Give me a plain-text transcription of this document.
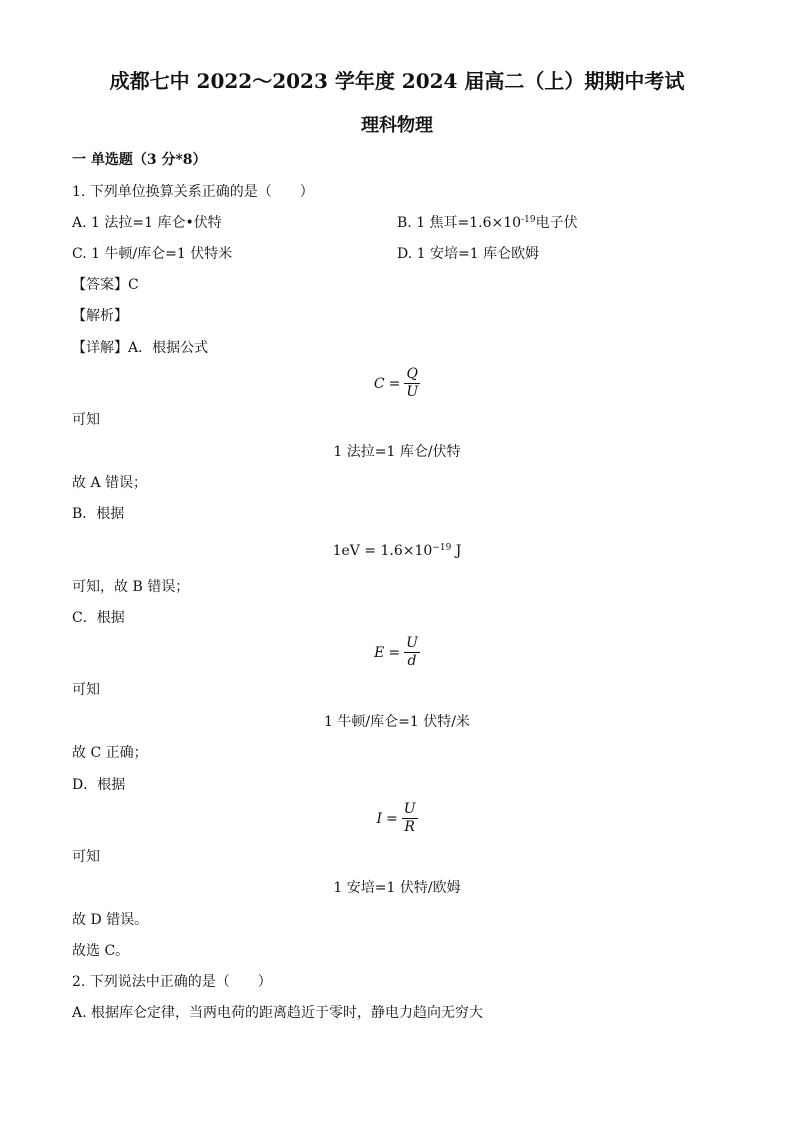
成都七中 2022～2023 学年度 2024 届高二（上）期期中考试
理科物理
一 单选题（3 分*8）
1. 下列单位换算关系正确的是（　　）
A. 1 法拉=1 库仑•伏特	B. 1 焦耳$=1.6\times 10^{-19}$电子伏
C. 1 牛顿/库仑=1 伏特米	D. 1 安培=1 库仑欧姆
【答案】C
【解析】
【详解】A．根据公式
$C = \frac{Q}{U}$
可知
1 法拉=1 库仑/伏特
故 A 错误；
B．根据
$1eV = 1.6\times 10^{-19}$ J
可知，故 B 错误；
C．根据
$E = \frac{U}{d}$
可知
1 牛顿/库仑=1 伏特/米
故 C 正确；
D．根据
$I = \frac{U}{R}$
可知
1 安培=1 伏特/欧姆
故 D 错误。
故选 C。
2. 下列说法中正确的是（　　）
A. 根据库仑定律，当两电荷的距离趋近于零时，静电力趋向无穷大
